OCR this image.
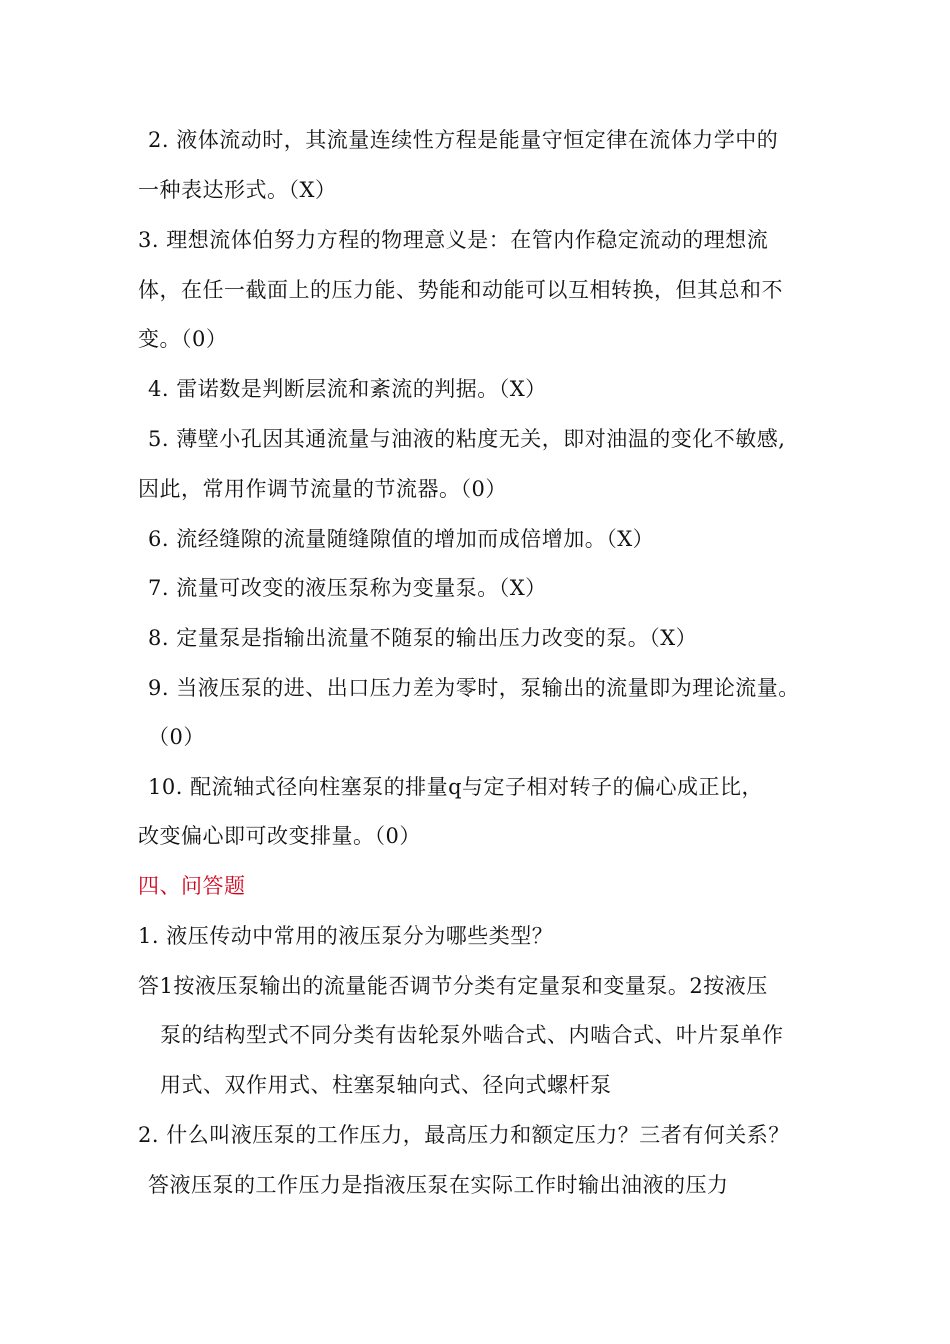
2. 液体流动时，其流量连续性方程是能量守恒定律在流体力学中的
一种表达形式。（X）
3. 理想流体伯努力方程的物理意义是：在管内作稳定流动的理想流
体，在任一截面上的压力能、势能和动能可以互相转换，但其总和不
变。（0）
4. 雷诺数是判断层流和紊流的判据。（X）
5. 薄壁小孔因其通流量与油液的粘度无关，即对油温的变化不敏感,
因此，常用作调节流量的节流器。（0）
6. 流经缝隙的流量随缝隙值的增加而成倍增加。（X）
7. 流量可改变的液压泵称为变量泵。（X）
8. 定量泵是指输出流量不随泵的输出压力改变的泵。（X）
9. 当液压泵的进、出口压力差为零时，泵输出的流量即为理论流量。
（0）
10. 配流轴式径向柱塞泵的排量q与定子相对转子的偏心成正比，
改变偏心即可改变排量。（0）
四、问答题
1. 液压传动中常用的液压泵分为哪些类型？
答1按液压泵输出的流量能否调节分类有定量泵和变量泵。2按液压
泵的结构型式不同分类有齿轮泵外啮合式、内啮合式、叶片泵单作
用式、双作用式、柱塞泵轴向式、径向式螺杆泵
2. 什么叫液压泵的工作压力，最高压力和额定压力？三者有何关系？
答液压泵的工作压力是指液压泵在实际工作时输出油液的压力
